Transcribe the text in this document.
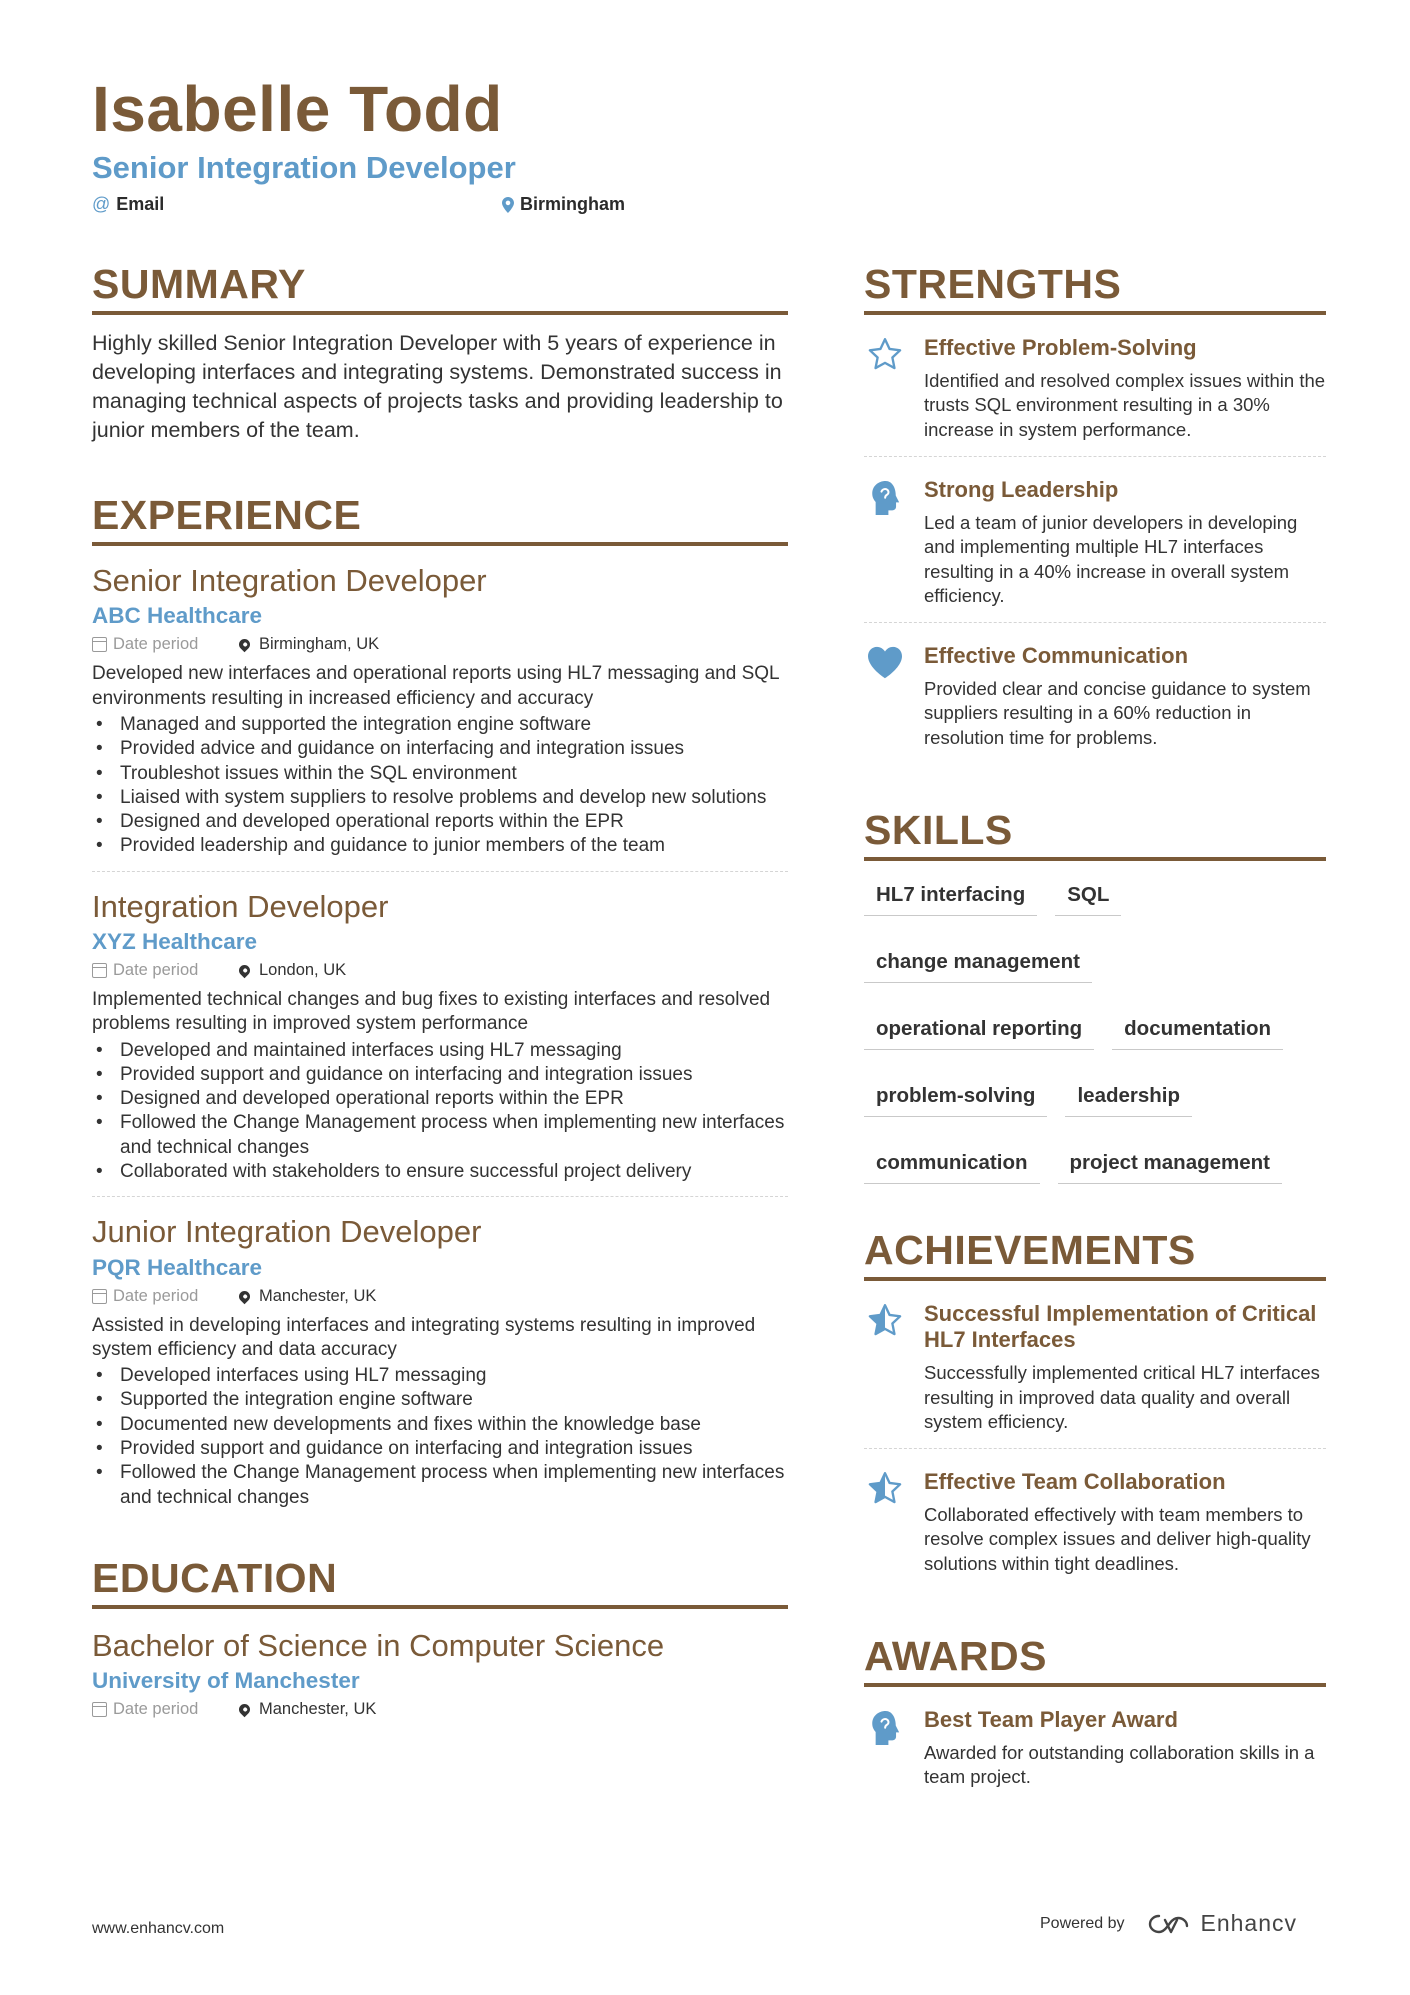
Isabelle Todd
Senior Integration Developer
@ Email	Birmingham
SUMMARY
Highly skilled Senior Integration Developer with 5 years of experience in developing interfaces and integrating systems. Demonstrated success in managing technical aspects of projects tasks and providing leadership to junior members of the team.
EXPERIENCE
Senior Integration Developer
ABC Healthcare
Date period	Birmingham, UK
Developed new interfaces and operational reports using HL7 messaging and SQL environments resulting in increased efficiency and accuracy
• Managed and supported the integration engine software
• Provided advice and guidance on interfacing and integration issues
• Troubleshot issues within the SQL environment
• Liaised with system suppliers to resolve problems and develop new solutions
• Designed and developed operational reports within the EPR
• Provided leadership and guidance to junior members of the team
Integration Developer
XYZ Healthcare
Date period	London, UK
Implemented technical changes and bug fixes to existing interfaces and resolved problems resulting in improved system performance
• Developed and maintained interfaces using HL7 messaging
• Provided support and guidance on interfacing and integration issues
• Designed and developed operational reports within the EPR
• Followed the Change Management process when implementing new interfaces and technical changes
• Collaborated with stakeholders to ensure successful project delivery
Junior Integration Developer
PQR Healthcare
Date period	Manchester, UK
Assisted in developing interfaces and integrating systems resulting in improved system efficiency and data accuracy
• Developed interfaces using HL7 messaging
• Supported the integration engine software
• Documented new developments and fixes within the knowledge base
• Provided support and guidance on interfacing and integration issues
• Followed the Change Management process when implementing new interfaces and technical changes
EDUCATION
Bachelor of Science in Computer Science
University of Manchester
Date period	Manchester, UK
STRENGTHS
Effective Problem-Solving
Identified and resolved complex issues within the trusts SQL environment resulting in a 30% increase in system performance.
Strong Leadership
Led a team of junior developers in developing and implementing multiple HL7 interfaces resulting in a 40% increase in overall system efficiency.
Effective Communication
Provided clear and concise guidance to system suppliers resulting in a 60% reduction in resolution time for problems.
SKILLS
HL7 interfacing	SQL
change management
operational reporting	documentation
problem-solving	leadership
communication	project management
ACHIEVEMENTS
Successful Implementation of Critical HL7 Interfaces
Successfully implemented critical HL7 interfaces resulting in improved data quality and overall system efficiency.
Effective Team Collaboration
Collaborated effectively with team members to resolve complex issues and deliver high-quality solutions within tight deadlines.
AWARDS
Best Team Player Award
Awarded for outstanding collaboration skills in a team project.
www.enhancv.com	Powered by	Enhancv
